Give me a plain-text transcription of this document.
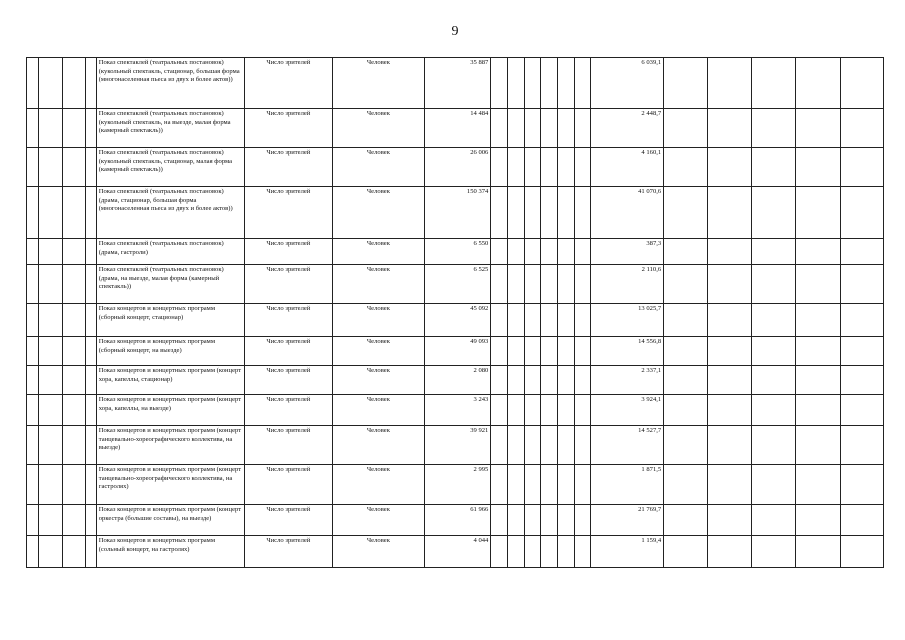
9
				Показ спектаклей (театральных постановок) (кукольный спектакль, стационар, большая форма (многонаселенная пьеса из двух и более актов))	Число зрителей	Человек	35 887							6 039,1					
				Показ спектаклей (театральных постановок) (кукольный спектакль, на выезде, малая форма (камерный спектакль))	Число зрителей	Человек	14 484							2 448,7					
				Показ спектаклей (театральных постановок) (кукольный спектакль, стационар, малая форма (камерный спектакль))	Число зрителей	Человек	26 006							4 160,1					
				Показ спектаклей (театральных постановок) (драма, стационар, большая форма (многонаселенная пьеса из двух и более актов))	Число зрителей	Человек	150 374							41 070,6					
				Показ спектаклей (театральных постановок) (драма, гастроли)	Число зрителей	Человек	6 550							387,3					
				Показ спектаклей (театральных постановок) (драма, на выезде, малая форма (камерный спектакль))	Число зрителей	Человек	6 525							2 110,6					
				Показ концертов и концертных программ (сборный концерт, стационар)	Число зрителей	Человек	45 092							13 025,7					
				Показ концертов и концертных программ (сборный концерт, на выезде)	Число зрителей	Человек	49 093							14 556,8					
				Показ концертов и концертных программ (концерт хора, капеллы, стационар)	Число зрителей	Человек	2 080							2 337,1					
				Показ концертов и концертных программ (концерт хора, капеллы, на выезде)	Число зрителей	Человек	3 243							3 924,1					
				Показ концертов и концертных программ (концерт танцевально-хореографического коллектива, на выезде)	Число зрителей	Человек	39 921							14 527,7					
				Показ концертов и концертных программ (концерт танцевально-хореографического коллектива, на гастролях)	Число зрителей	Человек	2 995							1 871,5					
				Показ концертов и концертных программ (концерт оркестра (большие составы), на выезде)	Число зрителей	Человек	61 966							21 769,7					
				Показ концертов и концертных программ (сольный концерт, на гастролях)	Число зрителей	Человек	4 044							1 159,4					
